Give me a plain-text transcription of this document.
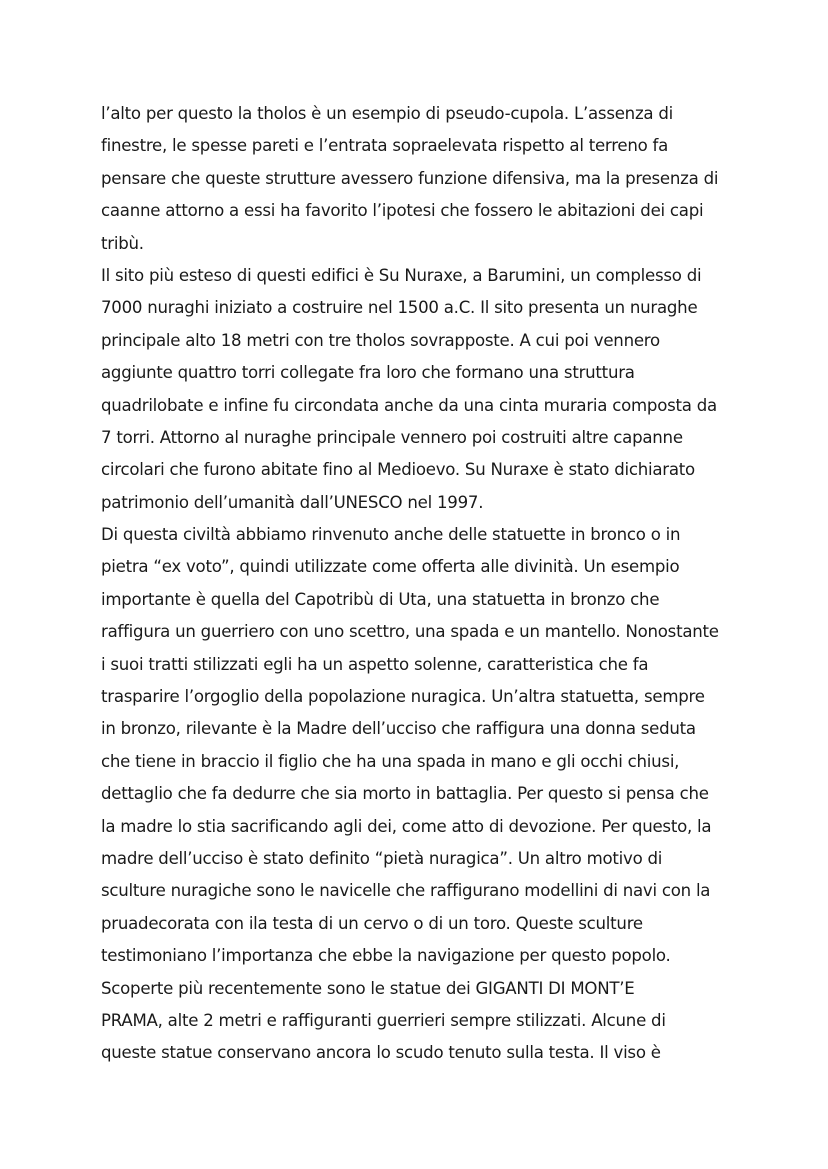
l’alto per questo la tholos è un esempio di pseudo-cupola. L’assenza di
finestre, le spesse pareti e l’entrata sopraelevata rispetto al terreno fa
pensare che queste strutture avessero funzione difensiva, ma la presenza di
caanne attorno a essi ha favorito l’ipotesi che fossero le abitazioni dei capi
tribù.
Il sito più esteso di questi edifici è Su Nuraxe, a Barumini, un complesso di
7000 nuraghi iniziato a costruire nel 1500 a.C. Il sito presenta un nuraghe
principale alto 18 metri con tre tholos sovrapposte. A cui poi vennero
aggiunte quattro torri collegate fra loro che formano una struttura
quadrilobate e infine fu circondata anche da una cinta muraria composta da
7 torri. Attorno al nuraghe principale vennero poi costruiti altre capanne
circolari che furono abitate fino al Medioevo. Su Nuraxe è stato dichiarato
patrimonio dell’umanità dall’UNESCO nel 1997.
Di questa civiltà abbiamo rinvenuto anche delle statuette in bronco o in
pietra “ex voto”, quindi utilizzate come offerta alle divinità. Un esempio
importante è quella del Capotribù di Uta, una statuetta in bronzo che
raffigura un guerriero con uno scettro, una spada e un mantello. Nonostante
i suoi tratti stilizzati egli ha un aspetto solenne, caratteristica che fa
trasparire l’orgoglio della popolazione nuragica. Un’altra statuetta, sempre
in bronzo, rilevante è la Madre dell’ucciso che raffigura una donna seduta
che tiene in braccio il figlio che ha una spada in mano e gli occhi chiusi,
dettaglio che fa dedurre che sia morto in battaglia. Per questo si pensa che
la madre lo stia sacrificando agli dei, come atto di devozione. Per questo, la
madre dell’ucciso è stato definito “pietà nuragica”. Un altro motivo di
sculture nuragiche sono le navicelle che raffigurano modellini di navi con la
pruadecorata con ila testa di un cervo o di un toro. Queste sculture
testimoniano l’importanza che ebbe la navigazione per questo popolo.
Scoperte più recentemente sono le statue dei GIGANTI DI MONT’E
PRAMA, alte 2 metri e raffiguranti guerrieri sempre stilizzati. Alcune di
queste statue conservano ancora lo scudo tenuto sulla testa. Il viso è
